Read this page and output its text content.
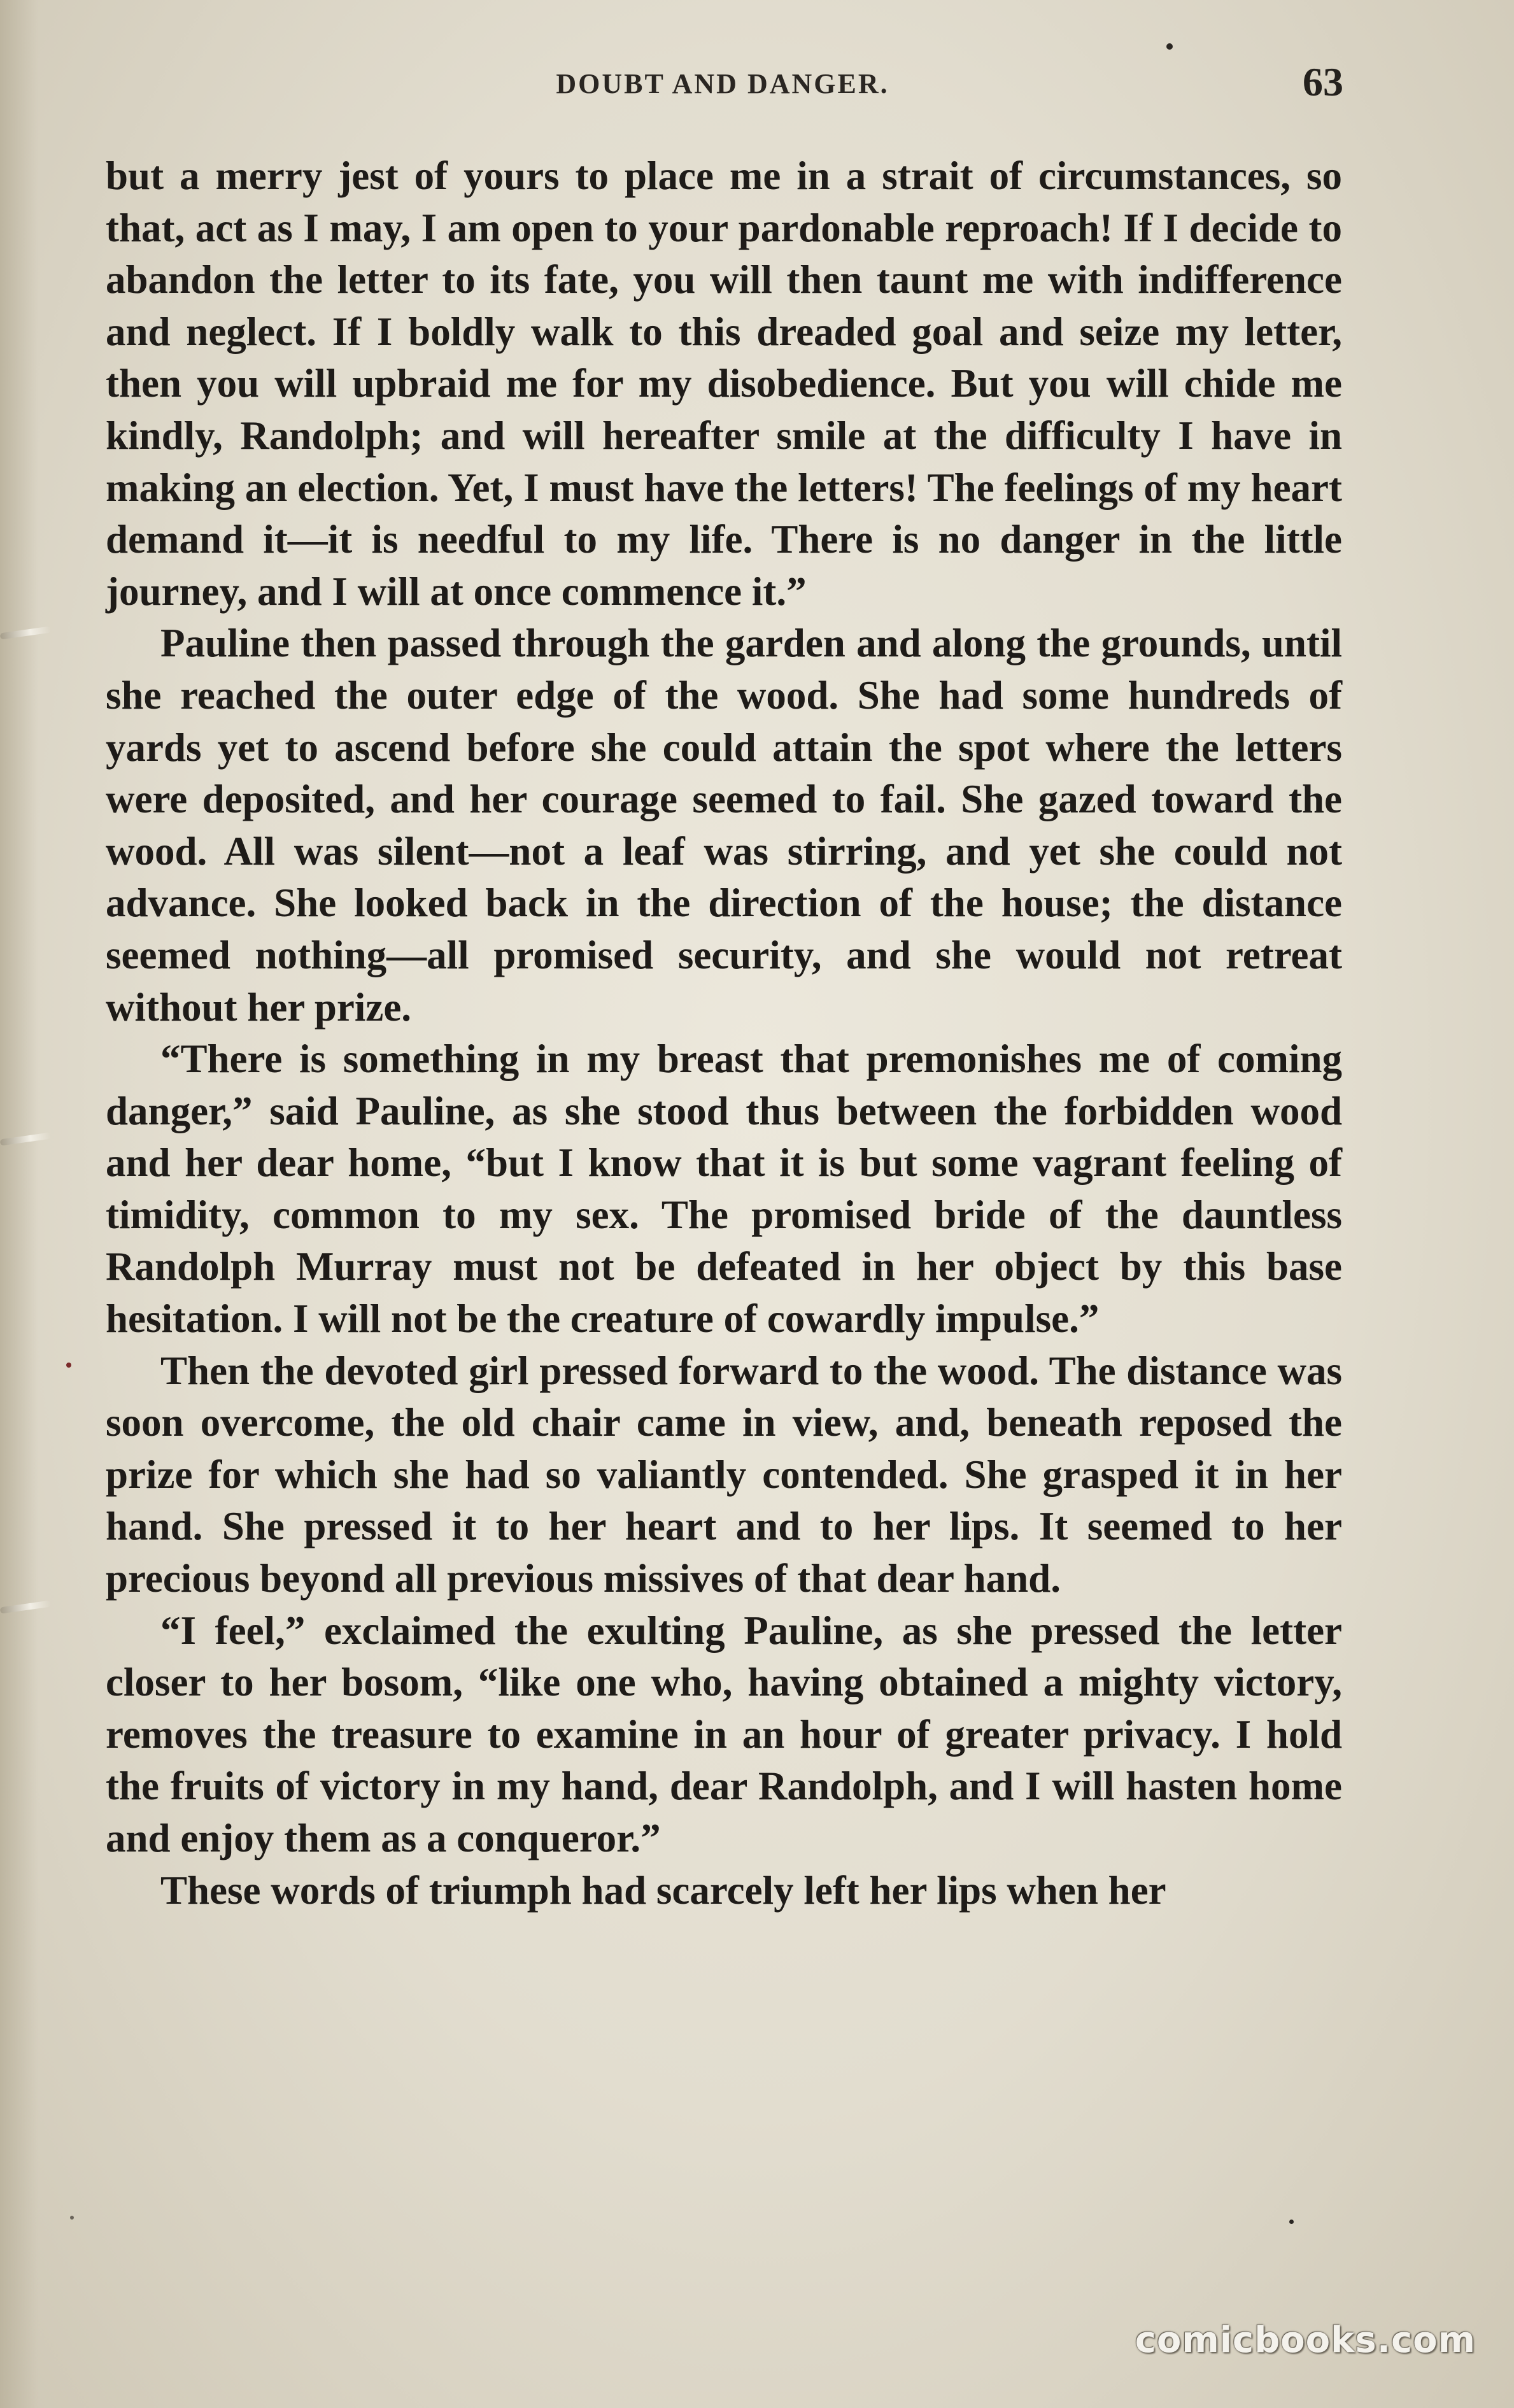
DOUBT AND DANGER.	63

but a merry jest of yours to place me in a strait of circumstances, so that, act as I may, I am open to your pardonable reproach! If I decide to abandon the letter to its fate, you will then taunt me with indifference and neglect. If I boldly walk to this dreaded goal and seize my letter, then you will upbraid me for my disobedience. But you will chide me kindly, Randolph; and will hereafter smile at the difficulty I have in making an election. Yet, I must have the letters! The feelings of my heart demand it—it is needful to my life. There is no danger in the little journey, and I will at once commence it.”

Pauline then passed through the garden and along the grounds, until she reached the outer edge of the wood. She had some hundreds of yards yet to ascend before she could attain the spot where the letters were deposited, and her courage seemed to fail. She gazed toward the wood. All was silent—not a leaf was stirring, and yet she could not advance. She looked back in the direction of the house; the distance seemed nothing—all promised security, and she would not retreat without her prize.

“There is something in my breast that premonishes me of coming danger,” said Pauline, as she stood thus between the forbidden wood and her dear home, “but I know that it is but some vagrant feeling of timidity, common to my sex. The promised bride of the dauntless Randolph Murray must not be defeated in her object by this base hesitation. I will not be the creature of cowardly impulse.”

Then the devoted girl pressed forward to the wood. The distance was soon overcome, the old chair came in view, and, beneath reposed the prize for which she had so valiantly contended. She grasped it in her hand. She pressed it to her heart and to her lips. It seemed to her precious beyond all previous missives of that dear hand.

“I feel,” exclaimed the exulting Pauline, as she pressed the letter closer to her bosom, “like one who, having obtained a mighty victory, removes the treasure to examine in an hour of greater privacy. I hold the fruits of victory in my hand, dear Randolph, and I will hasten home and enjoy them as a conqueror.”

These words of triumph had scarcely left her lips when her

comicbooks.com
